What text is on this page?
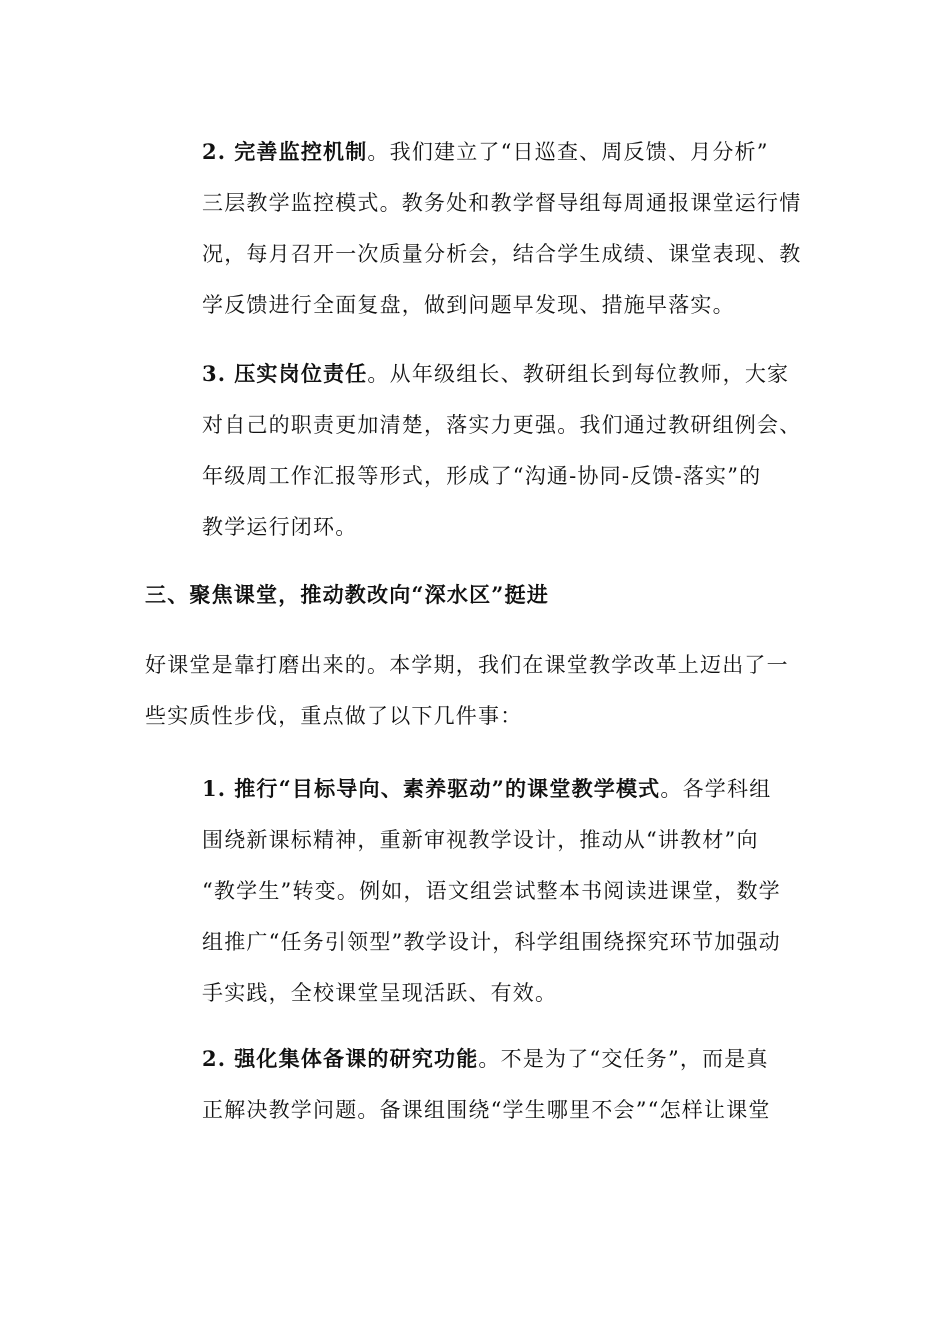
2. 完善监控机制。我们建立了“日巡查、周反馈、月分析”
三层教学监控模式。教务处和教学督导组每周通报课堂运行情
况，每月召开一次质量分析会，结合学生成绩、课堂表现、教
学反馈进行全面复盘，做到问题早发现、措施早落实。
3. 压实岗位责任。从年级组长、教研组长到每位教师，大家
对自己的职责更加清楚，落实力更强。我们通过教研组例会、
年级周工作汇报等形式，形成了“沟通-协同-反馈-落实”的
教学运行闭环。
三、聚焦课堂，推动教改向“深水区”挺进
好课堂是靠打磨出来的。本学期，我们在课堂教学改革上迈出了一
些实质性步伐，重点做了以下几件事：
1. 推行“目标导向、素养驱动”的课堂教学模式。各学科组
围绕新课标精神，重新审视教学设计，推动从“讲教材”向
“教学生”转变。例如，语文组尝试整本书阅读进课堂，数学
组推广“任务引领型”教学设计，科学组围绕探究环节加强动
手实践，全校课堂呈现活跃、有效。
2. 强化集体备课的研究功能。不是为了“交任务”，而是真
正解决教学问题。备课组围绕“学生哪里不会”“怎样让课堂
